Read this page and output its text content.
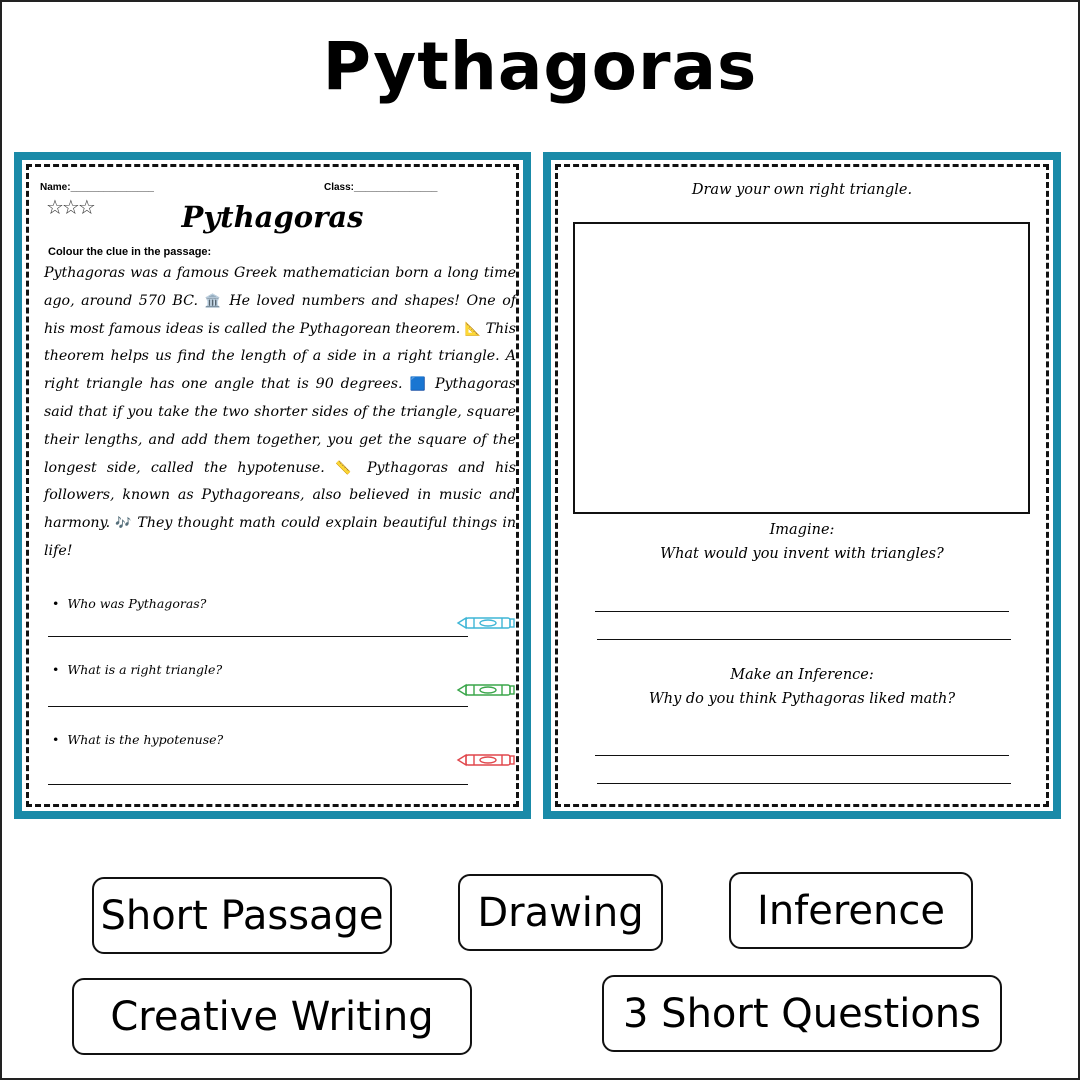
Pythagoras
Name:_______________	Class:_______________
☆☆☆	Pythagoras
Colour the clue in the passage:
Pythagoras was a famous Greek mathematician born a long time ago, around 570 BC. 🏛️ He loved numbers and shapes! One of his most famous ideas is called the Pythagorean theorem. 📐 This theorem helps us find the length of a side in a right triangle. A right triangle has one angle that is 90 degrees. 🟦 Pythagoras said that if you take the two shorter sides of the triangle, square their lengths, and add them together, you get the square of the longest side, called the hypotenuse. 📏 Pythagoras and his followers, known as Pythagoreans, also believed in music and harmony. 🎶 They thought math could explain beautiful things in life!
• Who was Pythagoras?
• What is a right triangle?
• What is the hypotenuse?
Draw your own right triangle.
Imagine:
What would you invent with triangles?
Make an Inference:
Why do you think Pythagoras liked math?
Short Passage	Drawing	Inference
Creative Writing	3 Short Questions
